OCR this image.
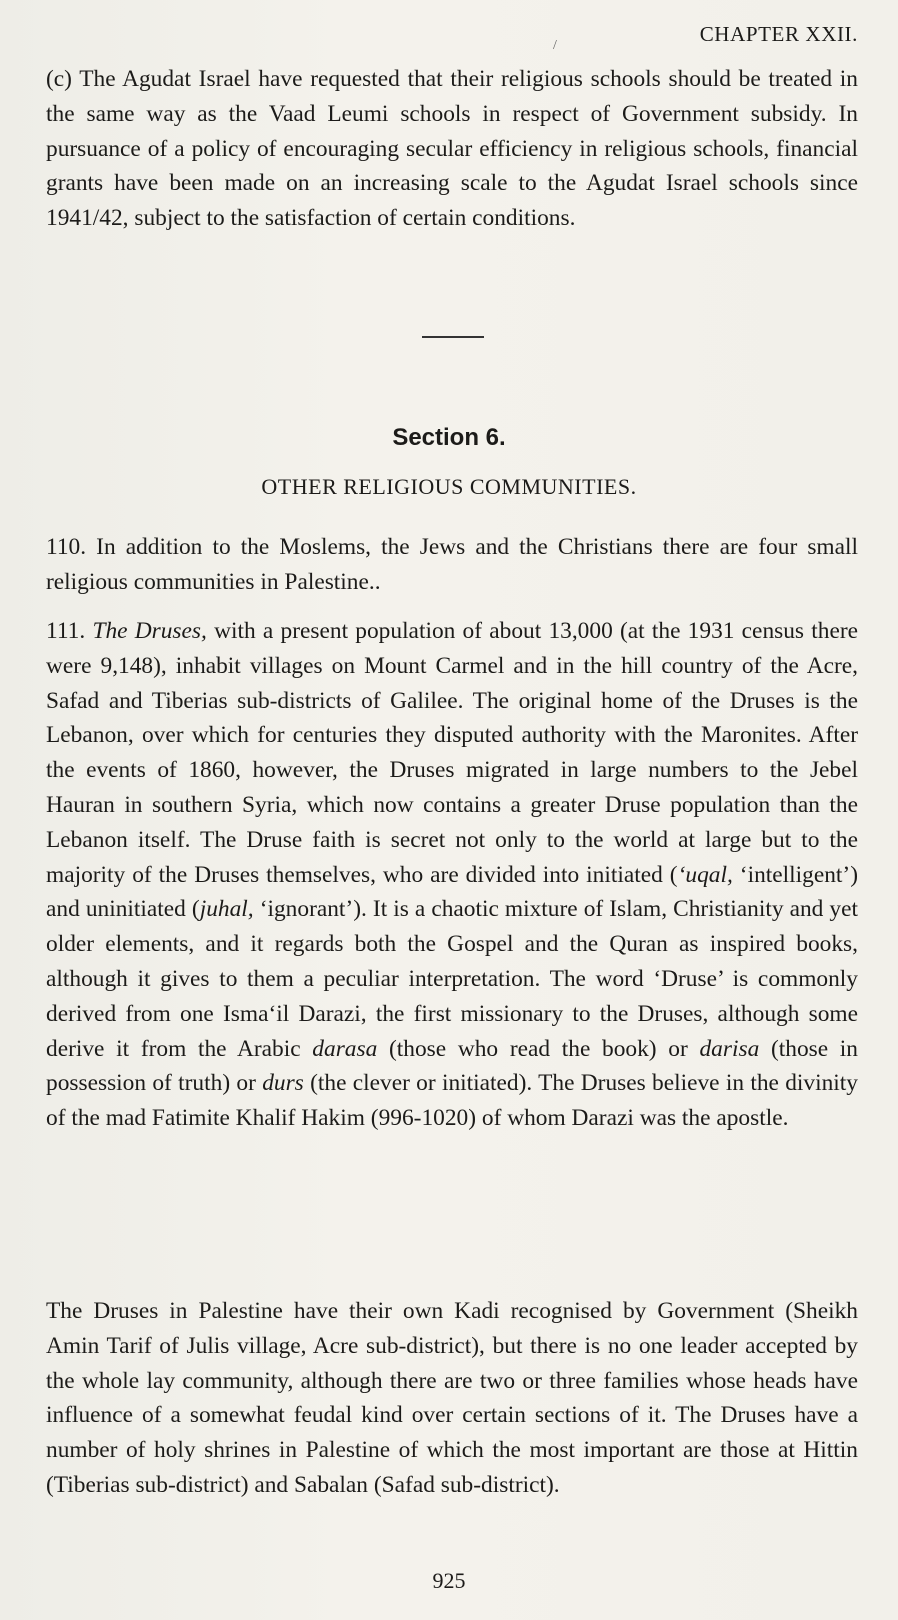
CHAPTER XXII.
/

(c) The Agudat Israel have requested that their religious schools should be treated in the same way as the Vaad Leumi schools in respect of Government subsidy. In pursuance of a policy of encouraging secular efficiency in religious schools, financial grants have been made on an increasing scale to the Agudat Israel schools since 1941/42, subject to the satisfaction of certain conditions.

Section 6.
OTHER RELIGIOUS COMMUNITIES.

110. In addition to the Moslems, the Jews and the Christians there are four small religious communities in Palestine..

111. The Druses, with a present population of about 13,000 (at the 1931 census there were 9,148), inhabit villages on Mount Carmel and in the hill country of the Acre, Safad and Tiberias sub-districts of Galilee. The original home of the Druses is the Lebanon, over which for centuries they disputed authority with the Maronites. After the events of 1860, however, the Druses migrated in large numbers to the Jebel Hauran in southern Syria, which now contains a greater Druse population than the Lebanon itself. The Druse faith is secret not only to the world at large but to the majority of the Druses themselves, who are divided into initiated (‘uqal, ‘intelligent’) and uninitiated (juhal, ‘ignorant’). It is a chaotic mixture of Islam, Christianity and yet older elements, and it regards both the Gospel and the Quran as inspired books, although it gives to them a peculiar interpretation. The word ‘Druse’ is commonly derived from one Isma‘il Darazi, the first missionary to the Druses, although some derive it from the Arabic darasa (those who read the book) or darisa (those in possession of truth) or durs (the clever or initiated). The Druses believe in the divinity of the mad Fatimite Khalif Hakim (996-1020) of whom Darazi was the apostle.

The Druses in Palestine have their own Kadi recognised by Government (Sheikh Amin Tarif of Julis village, Acre sub-district), but there is no one leader accepted by the whole lay community, although there are two or three families whose heads have influence of a somewhat feudal kind over certain sections of it. The Druses have a number of holy shrines in Palestine of which the most important are those at Hittin (Tiberias sub-district) and Sabalan (Safad sub-district).

925
